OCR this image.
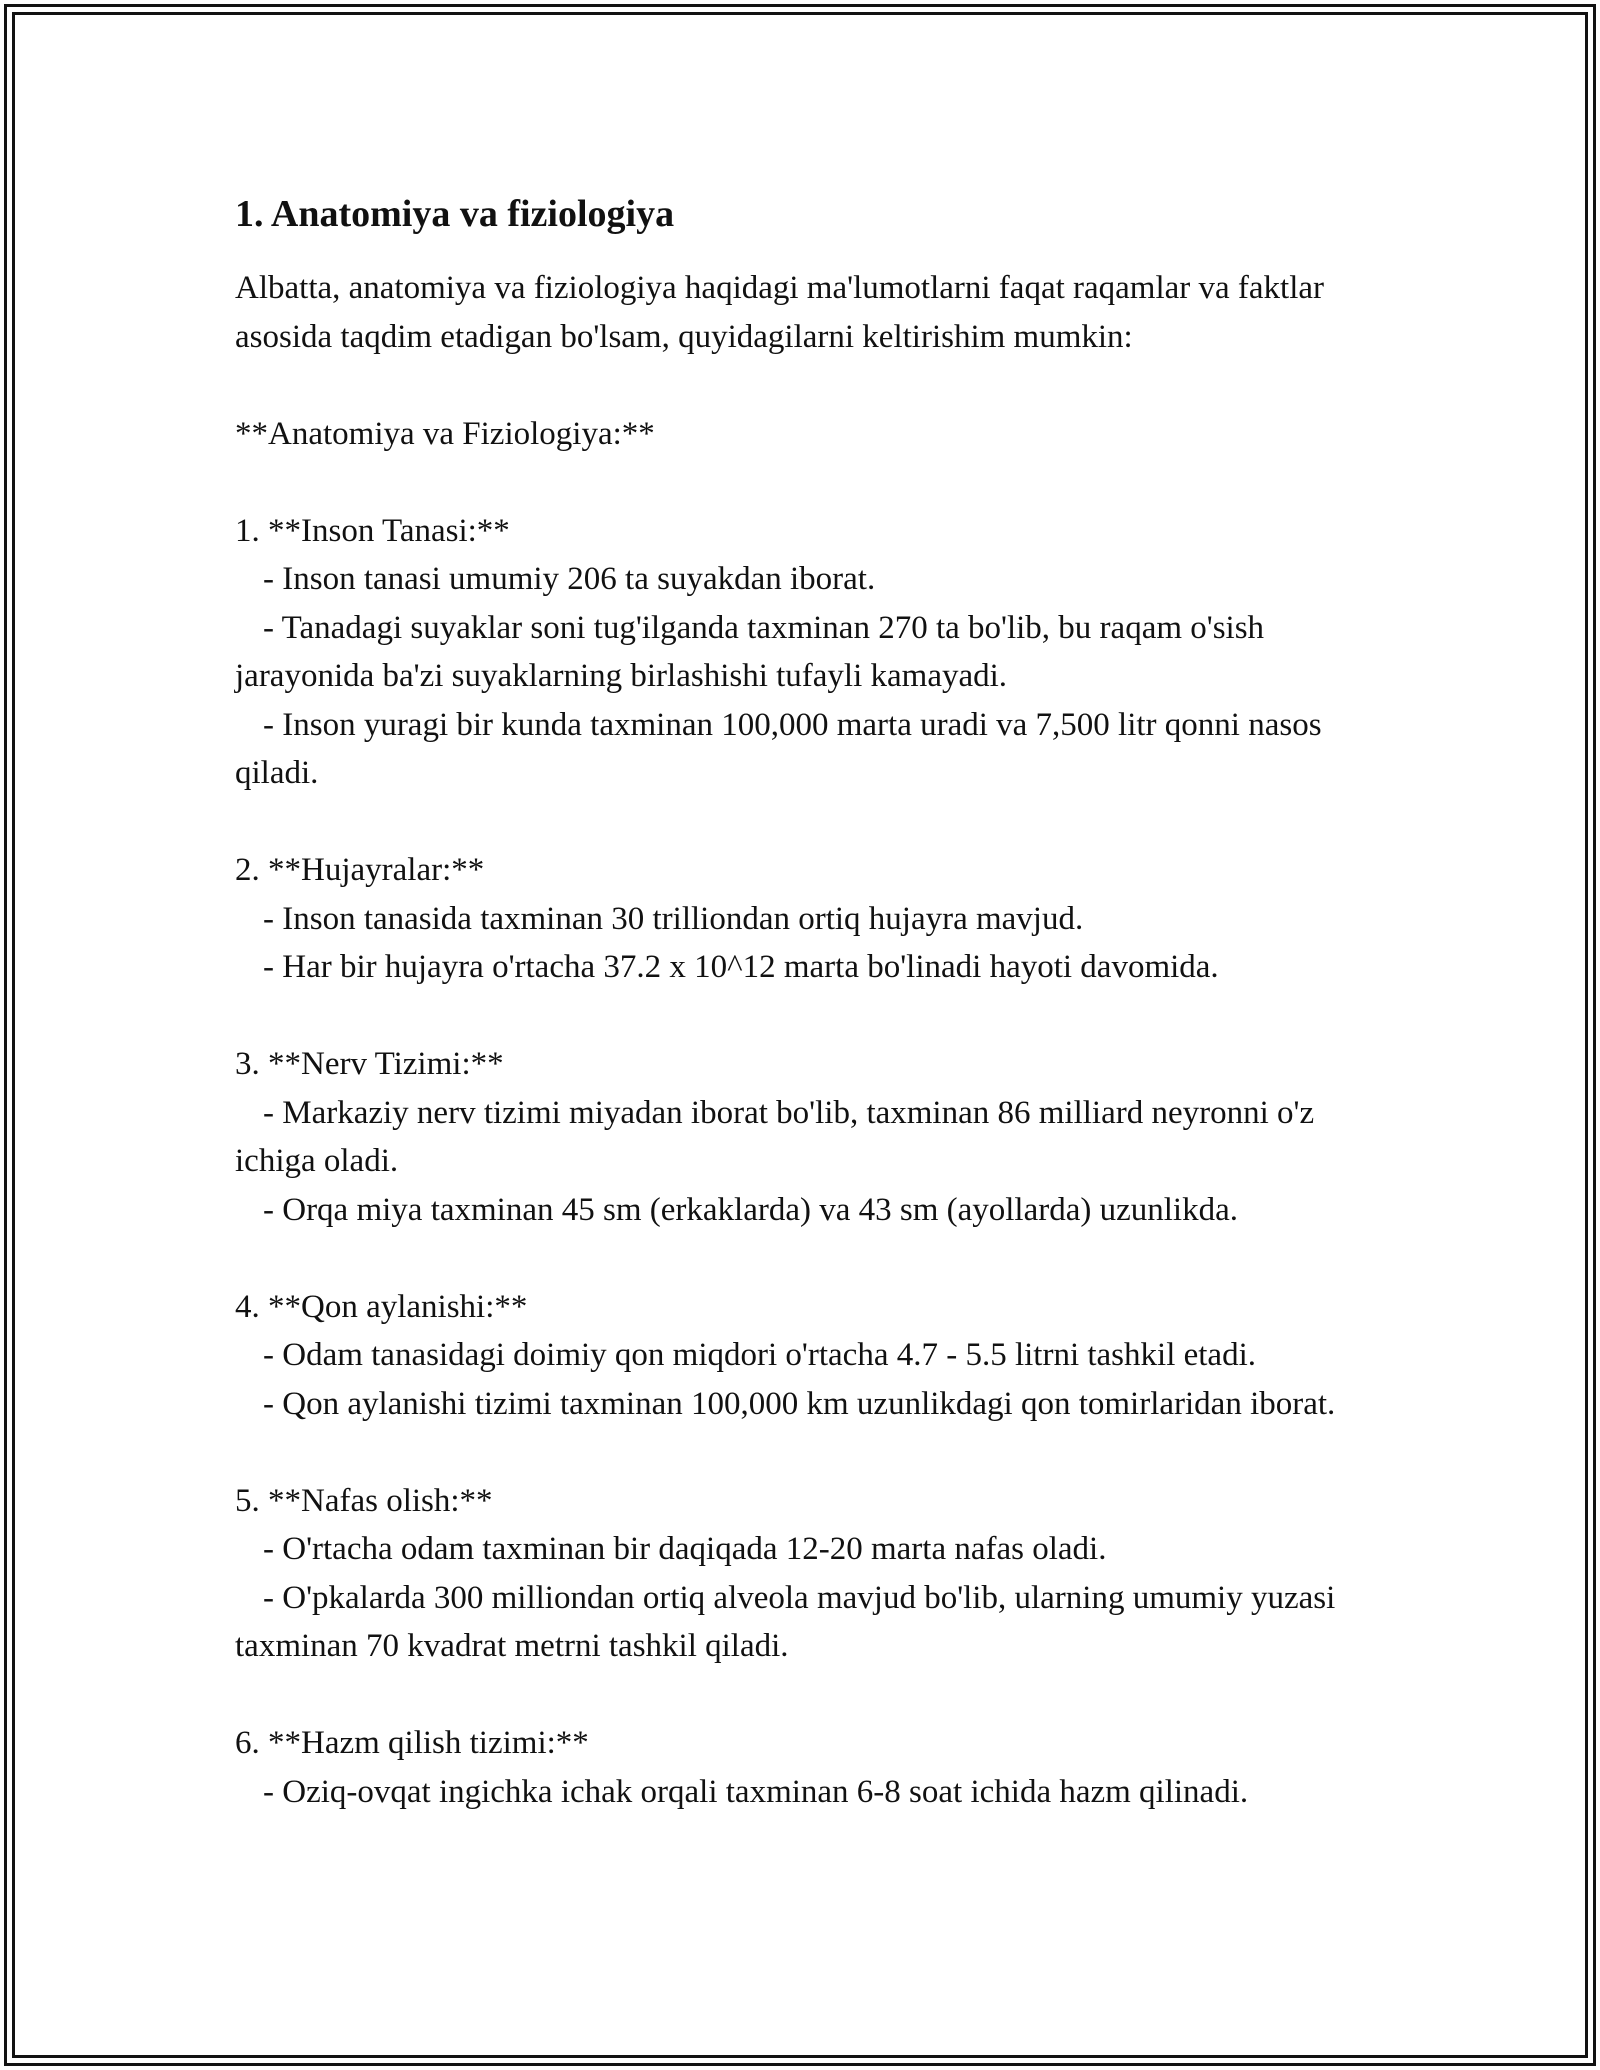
1. Anatomiya va fiziologiya

Albatta, anatomiya va fiziologiya haqidagi ma'lumotlarni faqat raqamlar va faktlar asosida taqdim etadigan bo'lsam, quyidagilarni keltirishim mumkin:

**Anatomiya va Fiziologiya:**

1. **Inson Tanasi:**
- Inson tanasi umumiy 206 ta suyakdan iborat.
- Tanadagi suyaklar soni tug'ilganda taxminan 270 ta bo'lib, bu raqam o'sish jarayonida ba'zi suyaklarning birlashishi tufayli kamayadi.
- Inson yuragi bir kunda taxminan 100,000 marta uradi va 7,500 litr qonni nasos qiladi.
2. **Hujayralar:**
- Inson tanasida taxminan 30 trilliondan ortiq hujayra mavjud.
- Har bir hujayra o'rtacha 37.2 x 10^12 marta bo'linadi hayoti davomida.
3. **Nerv Tizimi:**
- Markaziy nerv tizimi miyadan iborat bo'lib, taxminan 86 milliard neyronni o'z ichiga oladi.
- Orqa miya taxminan 45 sm (erkaklarda) va 43 sm (ayollarda) uzunlikda.
4. **Qon aylanishi:**
- Odam tanasidagi doimiy qon miqdori o'rtacha 4.7 - 5.5 litrni tashkil etadi.
- Qon aylanishi tizimi taxminan 100,000 km uzunlikdagi qon tomirlaridan iborat.
5. **Nafas olish:**
- O'rtacha odam taxminan bir daqiqada 12-20 marta nafas oladi.
- O'pkalarda 300 milliondan ortiq alveola mavjud bo'lib, ularning umumiy yuzasi taxminan 70 kvadrat metrni tashkil qiladi.
6. **Hazm qilish tizimi:**
- Oziq-ovqat ingichka ichak orqali taxminan 6-8 soat ichida hazm qilinadi.
